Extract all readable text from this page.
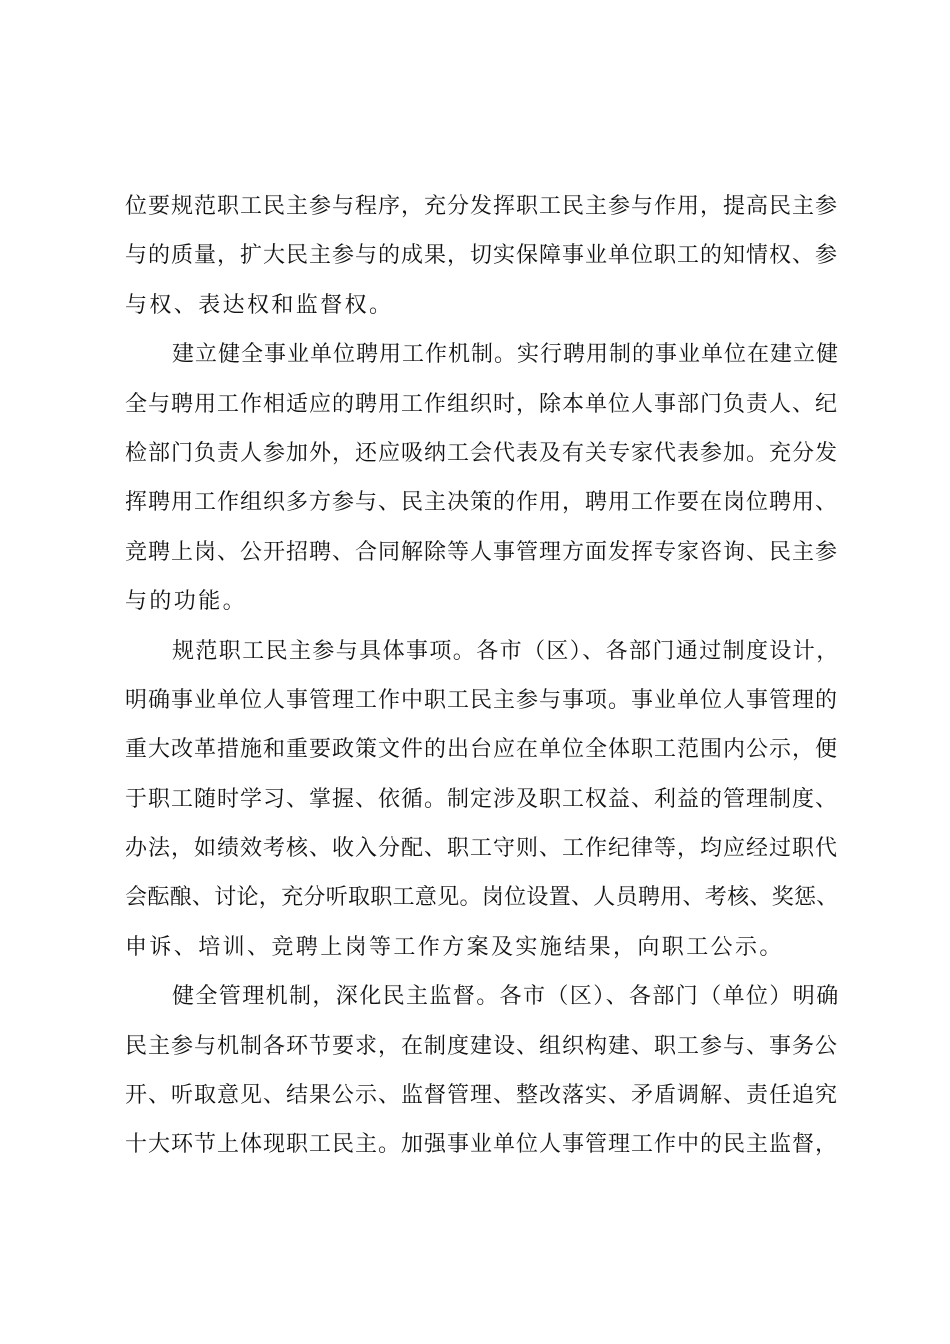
位要规范职工民主参与程序，充分发挥职工民主参与作用，提高民主参
与的质量，扩大民主参与的成果，切实保障事业单位职工的知情权、参
与权、表达权和监督权。
建立健全事业单位聘用工作机制。实行聘用制的事业单位在建立健
全与聘用工作相适应的聘用工作组织时，除本单位人事部门负责人、纪
检部门负责人参加外，还应吸纳工会代表及有关专家代表参加。充分发
挥聘用工作组织多方参与、民主决策的作用，聘用工作要在岗位聘用、
竞聘上岗、公开招聘、合同解除等人事管理方面发挥专家咨询、民主参
与的功能。
规范职工民主参与具体事项。各市（区）、各部门通过制度设计，
明确事业单位人事管理工作中职工民主参与事项。事业单位人事管理的
重大改革措施和重要政策文件的出台应在单位全体职工范围内公示，便
于职工随时学习、掌握、依循。制定涉及职工权益、利益的管理制度、
办法，如绩效考核、收入分配、职工守则、工作纪律等，均应经过职代
会酝酿、讨论，充分听取职工意见。岗位设置、人员聘用、考核、奖惩、
申诉、培训、竞聘上岗等工作方案及实施结果，向职工公示。
健全管理机制，深化民主监督。各市（区）、各部门（单位）明确
民主参与机制各环节要求，在制度建设、组织构建、职工参与、事务公
开、听取意见、结果公示、监督管理、整改落实、矛盾调解、责任追究
十大环节上体现职工民主。加强事业单位人事管理工作中的民主监督，
